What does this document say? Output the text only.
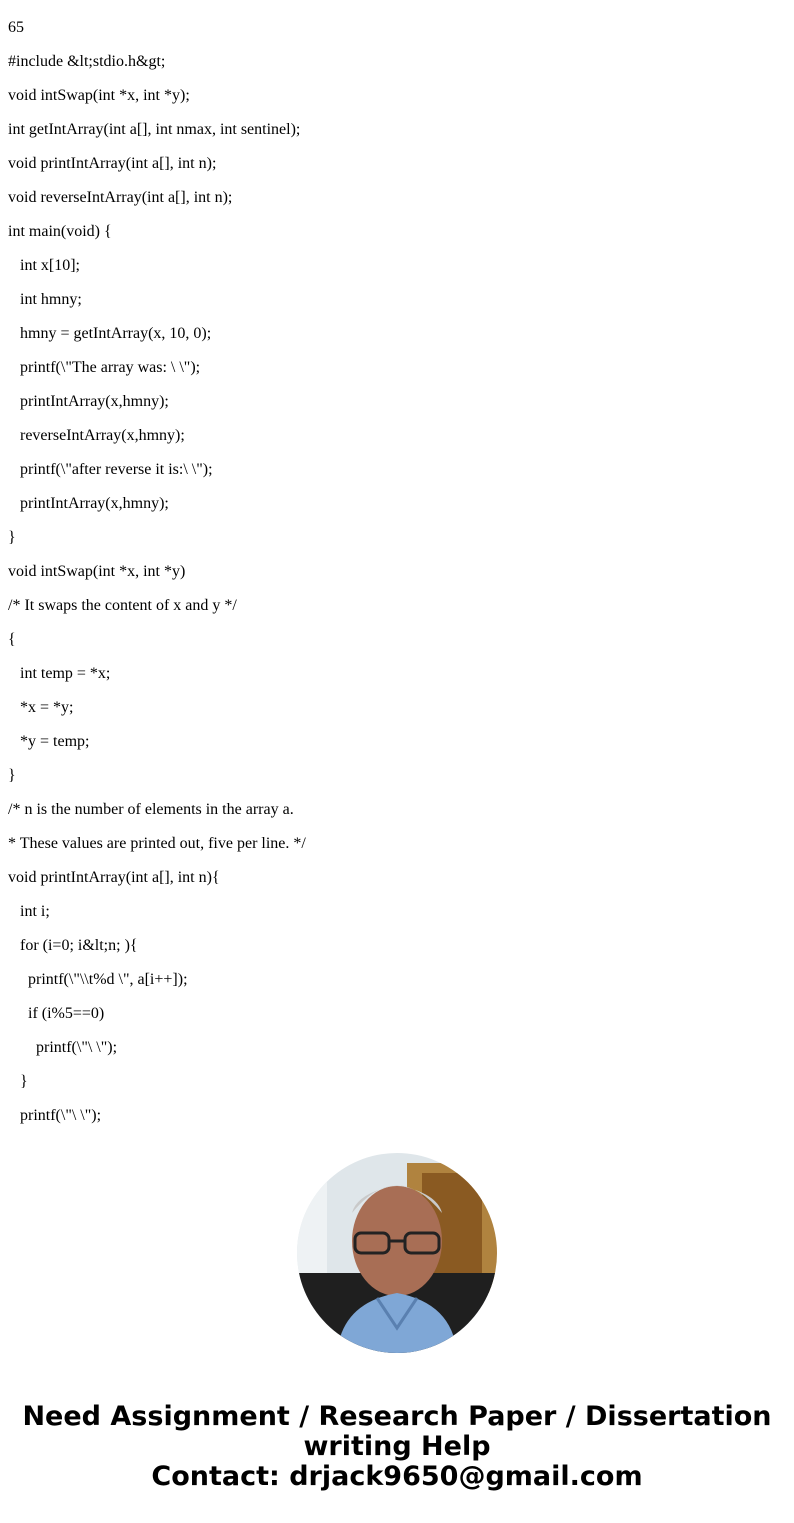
65
#include &lt;stdio.h&gt;
void intSwap(int *x, int *y);
int getIntArray(int a[], int nmax, int sentinel);
void printIntArray(int a[], int n);
void reverseIntArray(int a[], int n);
int main(void) {
int x[10];
int hmny;
hmny = getIntArray(x, 10, 0);
printf(\"The array was: \ \");
printIntArray(x,hmny);
reverseIntArray(x,hmny);
printf(\"after reverse it is:\ \");
printIntArray(x,hmny);
}
void intSwap(int *x, int *y)
/* It swaps the content of x and y */
{
int temp = *x;
*x = *y;
*y = temp;
}
/* n is the number of elements in the array a.
* These values are printed out, five per line. */
void printIntArray(int a[], int n){
int i;
for (i=0; i&lt;n; ){
printf(\"\\t%d \", a[i++]);
if (i%5==0)
printf(\"\ \");
}
printf(\"\ \");
Need Assignment / Research Paper / Dissertation
writing Help
Contact: drjack9650@gmail.com
